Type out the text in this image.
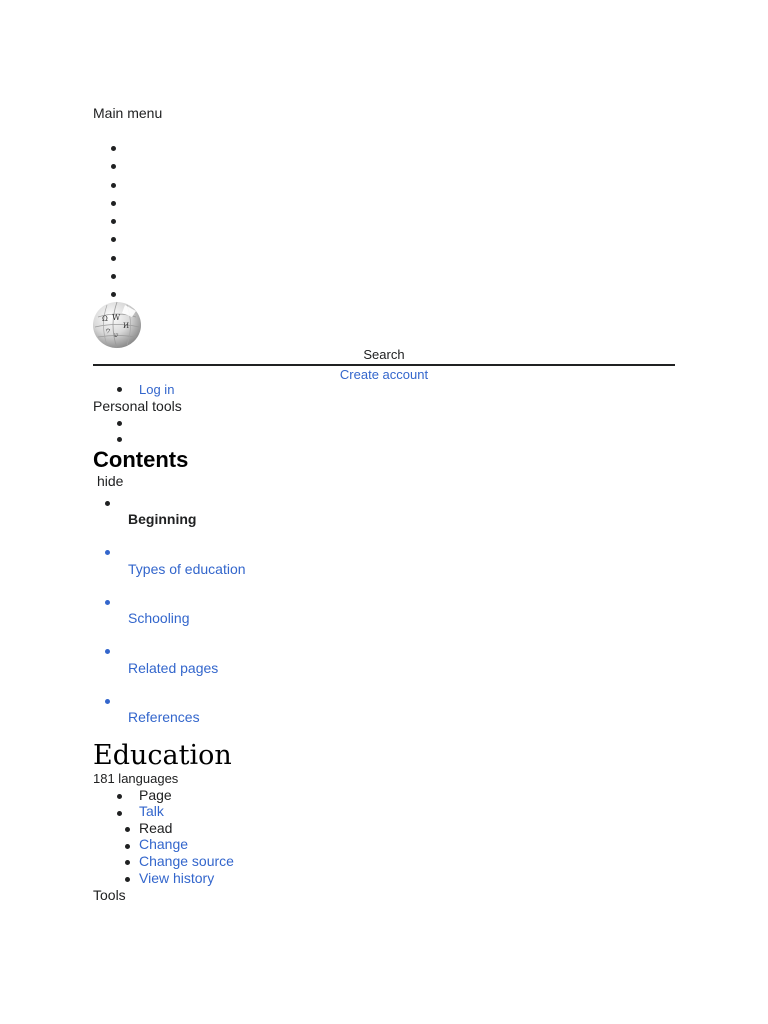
Main menu
Ω W
И
ウ
ש
Search
Create account
Log in
Personal tools
Contents
hide
Beginning
Types of education
Schooling
Related pages
References
Education
181 languages
Page
Talk
Read
Change
Change source
View history
Tools
